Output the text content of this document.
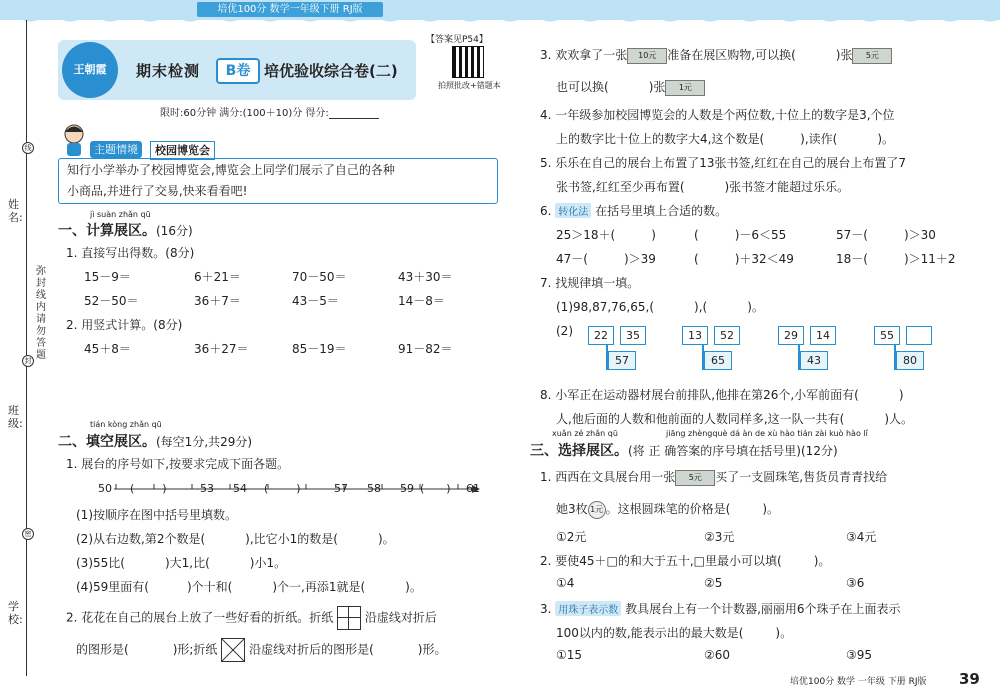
培优100分 数学一年级下册 RJ版
【答案见P54】
线
封
密
姓名:
班级:
学校:
弥封线内请勿答题
王朝霞	期末检测	B卷 培优验收综合卷(二)
拍照批改+错题本
限时:60分钟 满分:(100＋10)分 得分:
主题情境	校园博览会
知行小学举办了校园博览会,博览会上同学们展示了自己的各种
小商品,并进行了交易,快来看看吧!
jì suàn zhǎn qū
一、计算展区。(16分)
1. 直接写出得数。(8分)
15－9＝	6＋21＝	70－50＝	43＋30＝
52－50＝	36＋7＝	43－5＝	14－8＝
2. 用竖式计算。(8分)
45＋8＝	36＋27＝	85－19＝	91－82＝
tián kòng zhǎn qū
二、填空展区。(每空1分,共29分)
1. 展台的序号如下,按要求完成下面各题。
50 (	)	53 54 (	)	57 58 59 ( ) 61
(1)按顺序在图中括号里填数。
(2)从右边数,第2个数是(	),比它小1的数是(	)。
(3)55比(	)大1,比(	)小1。
(4)59里面有(	)个十和(	)个一,再添1就是(	)。
2. 花花在自己的展台上放了一些好看的折纸。折纸	沿虚线对折后
的图形是(	)形;折纸	沿虚线对折后的图形是(	)形。
3. 欢欢拿了一张 10元 准备在展区购物,可以换(	)张 5元
也可以换(	)张 1元
4. 一年级参加校园博览会的人数是个两位数,十位上的数字是3,个位
上的数字比十位上的数字大4,这个数是(	),读作(	)。
5. 乐乐在自己的展台上布置了13张书签,红红在自己的展台上布置了7
张书签,红红至少再布置(	)张书签才能超过乐乐。
6. 转化法 在括号里填上合适的数。
25＞18＋(	)	(	)－6＜55	57－(	)＞30
47－(	)＞39	(	)＋32＜49	18－(	)＞11＋2
7. 找规律填一填。
(1)98,87,76,65,(	),(	)。
(2)	22	35
57
13	52
65
29	14
43
55
80
8. 小军正在运动器材展台前排队,他排在第26个,小军前面有(	)
人,他后面的人数和他前面的人数同样多,这一队一共有(	)人。
xuǎn zé zhǎn qū	jiāng zhèngquè dá àn de xù hào tián zài kuò hào lǐ
三、选择展区。(将 正 确答案的序号填在括号里)(12分)
1. 西西在文具展台用一张 5元 买了一支圆珠笔,售货员青青找给
她3枚 1元 。这根圆珠笔的价格是(	)。
①2元	②3元	③4元
2. 要使45＋□的和大于五十,□里最小可以填(	)。
①4	②5	③6
3. 用珠子表示数 教具展台上有一个计数器,丽丽用6个珠子在上面表示
100以内的数,能表示出的最大数是(	)。
①15	②60	③95
培优100分 数学 一年级 下册 RJ版 39
